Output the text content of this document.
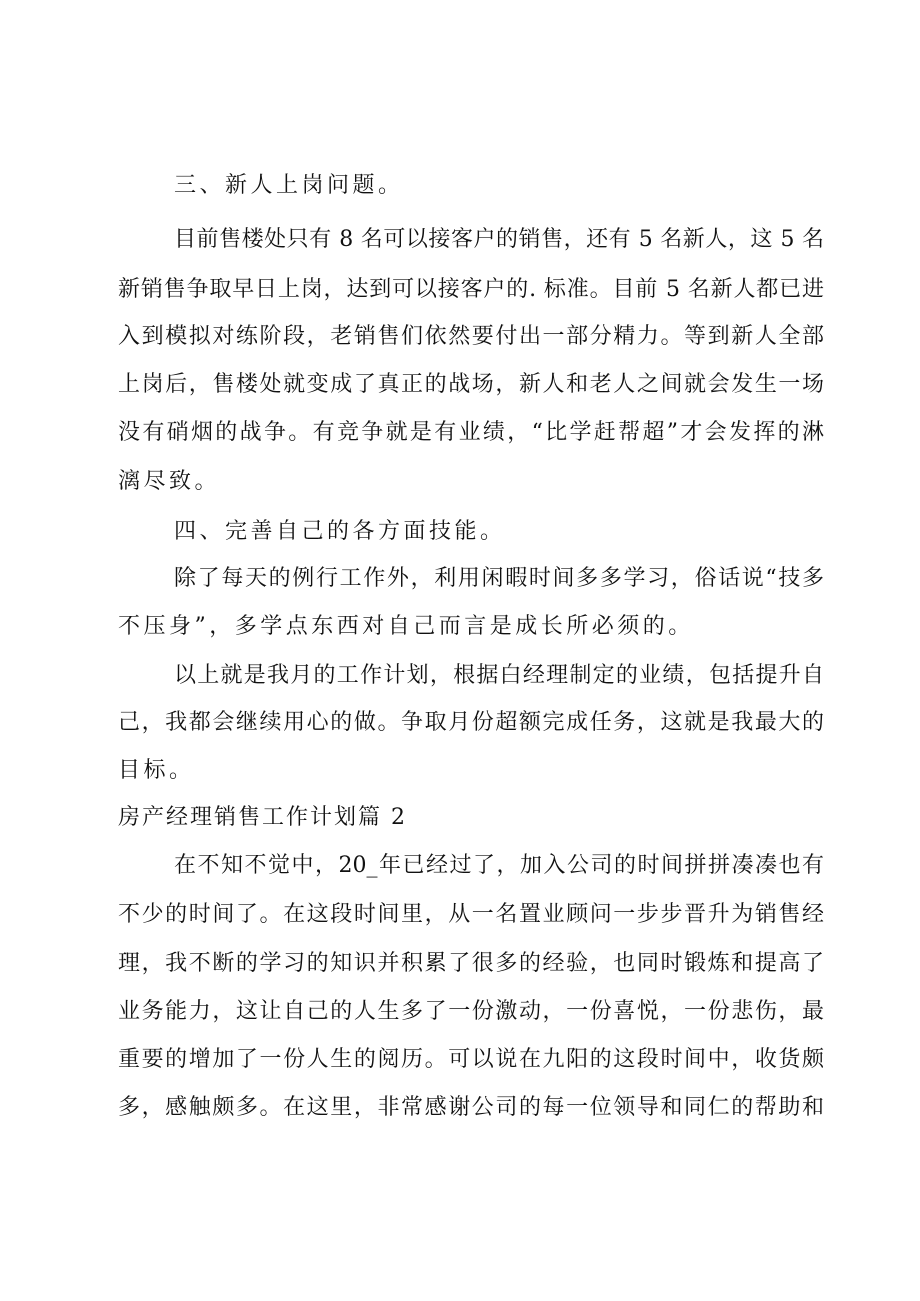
三、新人上岗问题。
目前售楼处只有 8 名可以接客户的销售，还有 5 名新人，这 5 名
新销售争取早日上岗，达到可以接客户的. 标准。目前 5 名新人都已进
入到模拟对练阶段，老销售们依然要付出一部分精力。等到新人全部
上岗后，售楼处就变成了真正的战场，新人和老人之间就会发生一场
没有硝烟的战争。有竞争就是有业绩，“比学赶帮超”才会发挥的淋
漓尽致。
四、完善自己的各方面技能。
除了每天的例行工作外，利用闲暇时间多多学习，俗话说“技多
不压身”，多学点东西对自己而言是成长所必须的。
以上就是我月的工作计划，根据白经理制定的业绩，包括提升自
己，我都会继续用心的做。争取月份超额完成任务，这就是我最大的
目标。
房产经理销售工作计划篇 2
在不知不觉中，20_年已经过了，加入公司的时间拼拼凑凑也有
不少的时间了。在这段时间里，从一名置业顾问一步步晋升为销售经
理，我不断的学习的知识并积累了很多的经验，也同时锻炼和提高了
业务能力，这让自己的人生多了一份激动，一份喜悦，一份悲伤，最
重要的增加了一份人生的阅历。可以说在九阳的这段时间中，收货颇
多，感触颇多。在这里，非常感谢公司的每一位领导和同仁的帮助和
